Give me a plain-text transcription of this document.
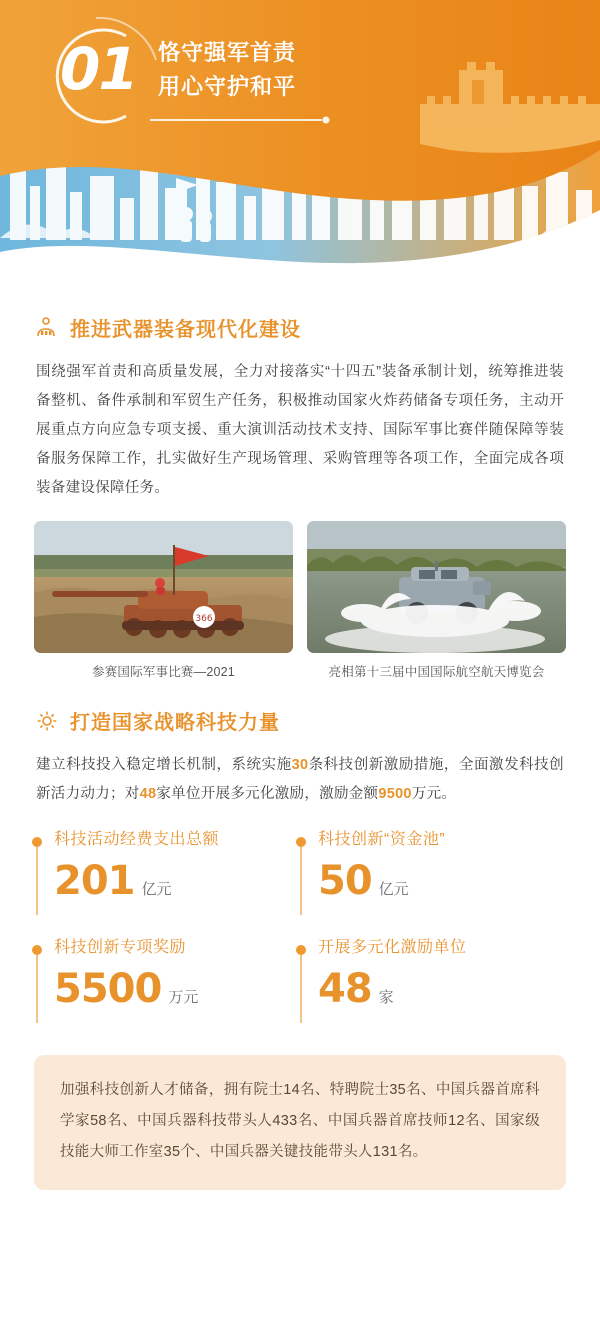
01 恪守强军首责
用心守护和平
推进武器装备现代化建设
围绕强军首责和高质量发展，全力对接落实“十四五”装备承制计划，统筹推进装备整机、备件承制和军贸生产任务，积极推动国家火炸药储备专项任务，主动开展重点方向应急专项支援、重大演训活动技术支持、国际军事比赛伴随保障等装备服务保障工作，扎实做好生产现场管理、采购管理等各项工作，全面完成各项装备建设保障任务。
366
参赛国际军事比赛—2021	亮相第十三届中国国际航空航天博览会
打造国家战略科技力量
建立科技投入稳定增长机制，系统实施30条科技创新激励措施，全面激发科技创新活力动力；对48家单位开展多元化激励，激励金额9500万元。
科技活动经费支出总额
201 亿元
科技创新“资金池”
50 亿元
科技创新专项奖励
5500 万元
开展多元化激励单位
48 家
加强科技创新人才储备，拥有院士14名、特聘院士35名、中国兵器首席科学家58名、中国兵器科技带头人433名、中国兵器首席技师12名、国家级技能大师工作室35个、中国兵器关键技能带头人131名。
